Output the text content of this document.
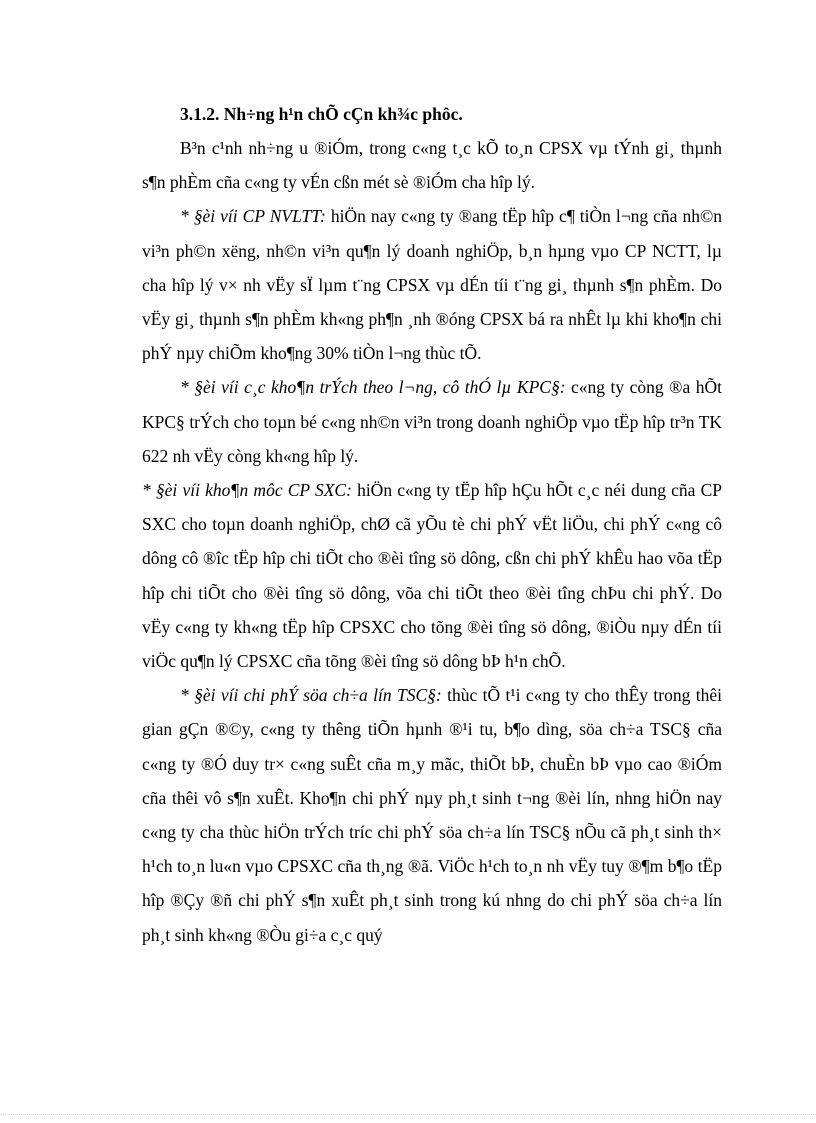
3.1.2. Nh÷ng h¹n chÕ cÇn kh¾c phôc.

B³n c¹nh nh÷ng u ®iÓm, trong c«ng t¸c kÕ to¸n CPSX vµ tÝnh gi¸ thµnh s¶n phÈm cña c«ng ty vÉn cßn mét sè ®iÓm cha hîp lý.

* §èi víi CP NVLTT: hiÖn nay c«ng ty ®ang tËp hîp c¶ tiÒn l¬ng cña nh©n vi³n ph©n xëng, nh©n vi³n qu¶n lý doanh nghiÖp, b¸n hµng vµo CP NCTT, lµ cha hîp lý v× nh vËy sÏ lµm t¨ng CPSX vµ dÉn tíi t¨ng gi¸ thµnh s¶n phÈm. Do vËy gi¸ thµnh s¶n phÈm kh«ng ph¶n ¸nh ®óng CPSX bá ra nhÊt lµ khi kho¶n chi phÝ nµy chiÕm kho¶ng 30% tiÒn l¬ng thùc tÕ.

* §èi víi c¸c kho¶n trÝch theo l¬ng, cô thÓ lµ KPC§: c«ng ty còng ®a hÕt KPC§ trÝch cho toµn bé c«ng nh©n vi³n trong doanh nghiÖp vµo tËp hîp tr³n TK 622 nh vËy còng kh«ng hîp lý.

* §èi víi kho¶n môc CP SXC: hiÖn c«ng ty tËp hîp hÇu hÕt c¸c néi dung cña CP SXC cho toµn doanh nghiÖp, chØ cã yÕu tè chi phÝ vËt liÖu, chi phÝ c«ng cô dông cô ®îc tËp hîp chi tiÕt cho ®èi tîng sö dông, cßn chi phÝ khÊu hao võa tËp hîp chi tiÕt cho ®èi tîng sö dông, võa chi tiÕt theo ®èi tîng chÞu chi phÝ. Do vËy c«ng ty kh«ng tËp hîp CPSXC cho tõng ®èi tîng sö dông, ®iÒu nµy dÉn tíi viÖc qu¶n lý CPSXC cña tõng ®èi tîng sö dông bÞ h¹n chÕ.

* §èi víi chi phÝ söa ch÷a lín TSC§: thùc tÕ t¹i c«ng ty cho thÊy trong thêi gian gÇn ®©y, c«ng ty thêng tiÕn hµnh ®¹i tu, b¶o dìng, söa ch÷a TSC§ cña c«ng ty ®Ó duy tr× c«ng suÊt cña m¸y mãc, thiÕt bÞ, chuÈn bÞ vµo cao ®iÓm cña thêi vô s¶n xuÊt. Kho¶n chi phÝ nµy ph¸t sinh t¬ng ®èi lín, nhng hiÖn nay c«ng ty cha thùc hiÖn trÝch tríc chi phÝ söa ch÷a lín TSC§ nÕu cã ph¸t sinh th× h¹ch to¸n lu«n vµo CPSXC cña th¸ng ®ã. ViÖc h¹ch to¸n nh vËy tuy ®¶m b¶o tËp hîp ®Çy ®ñ chi phÝ s¶n xuÊt ph¸t sinh trong kú nhng do chi phÝ söa ch÷a lín ph¸t sinh kh«ng ®Òu gi÷a c¸c quý
